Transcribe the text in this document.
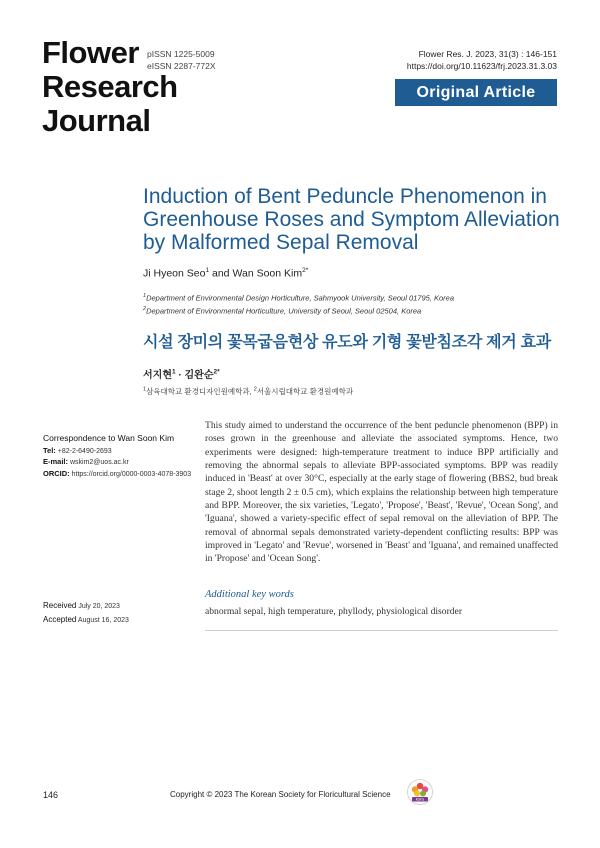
Flower
Research
Journal
pISSN 1225-5009
eISSN 2287-772X
Flower Res. J. 2023, 31(3) : 146-151
https://doi.org/10.11623/frj.2023.31.3.03
Original Article
Induction of Bent Peduncle Phenomenon in Greenhouse Roses and Symptom Alleviation by Malformed Sepal Removal
Ji Hyeon Seo$^1$ and Wan Soon Kim$^{2*}$
$^1$Department of Environmental Design Horticulture, Sahmyook University, Seoul 01795, Korea
$^2$Department of Environmental Horticulture, University of Seoul, Seoul 02504, Korea
시설 장미의 꽃목굽음현상 유도와 기형 꽃받침조각 제거 효과
서지현$^1$ · 김완순$^{2*}$
$^1$삼육대학교 환경디자인원예학과, $^2$서울시립대학교 환경원예학과
Correspondence to Wan Soon Kim
Tel: +82-2-6490-2693
E-mail: wskim2@uos.ac.kr
ORCID: https://orcid.org/0000-0003-4078-3903
Received July 20, 2023
Accepted August 16, 2023
This study aimed to understand the occurrence of the bent peduncle phenomenon (BPP) in roses grown in the greenhouse and alleviate the associated symptoms. Hence, two experiments were designed: high-temperature treatment to induce BPP artificially and removing the abnormal sepals to alleviate BPP-associated symptoms. BPP was readily induced in 'Beast' at over 30°C, especially at the early stage of flowering (BBS2, bud break stage 2, shoot length 2 ± 0.5 cm), which explains the relationship between high temperature and BPP. Moreover, the six varieties, 'Legato', 'Propose', 'Beast', 'Revue', 'Ocean Song', and 'Iguana', showed a variety-specific effect of sepal removal on the alleviation of BPP. The removal of abnormal sepals demonstrated variety-dependent conflicting results: BPP was improved in 'Legato' and 'Revue', worsened in 'Beast' and 'Iguana', and remained unaffected in 'Propose' and 'Ocean Song'.
Additional key words
abnormal sepal, high temperature, phyllody, physiological disorder
146	Copyright © 2023 The Korean Society for Floricultural Science
KSFS
